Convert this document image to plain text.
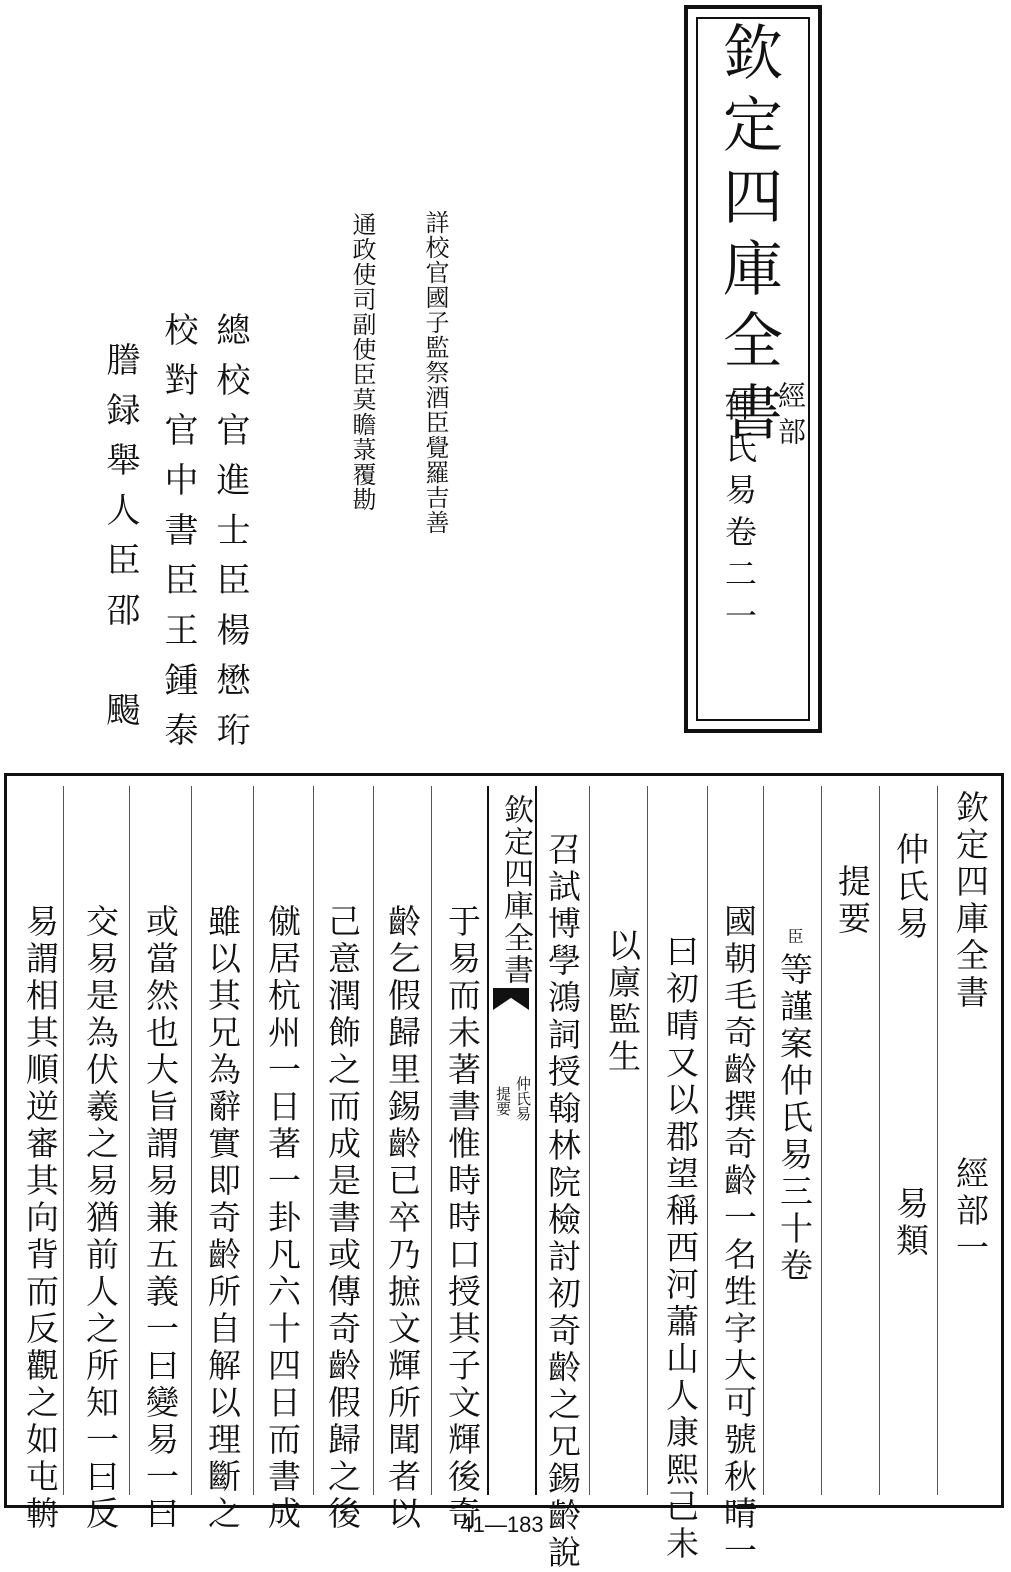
欽定四庫全書
經部
仲氏易卷二一
詳校官國子監祭酒臣覺羅吉善
通政使司副使臣莫瞻菉覆勘
總校官進士臣楊懋珩
校對官中書臣王鍾泰
謄録舉人臣邵　颺
欽定四庫全書
經部一
仲氏易
易類
提要
臣
等謹案仲氏易三十卷
國朝毛奇齡撰奇齡一名甡字大可號秋晴一
曰初晴又以郡望稱西河蕭山人康熙己未
以廪監生
召試博學鴻詞授翰林院檢討初奇齡之兄錫齡說
欽定四庫全書
仲氏易
提要
于易而未著書惟時時口授其子文輝後奇
齡乞假歸里錫齡已卒乃摭文輝所聞者以
己意潤飾之而成是書或傳奇齡假歸之後
僦居杭州一日著一卦凡六十四日而書成
雖以其兄為辭實即奇齡所自解以理斷之
或當然也大旨謂易兼五義一曰變易一曰
交易是為伏羲之易猶前人之所知一曰反
易謂相其順逆審其向背而反觀之如屯輈	41—183
